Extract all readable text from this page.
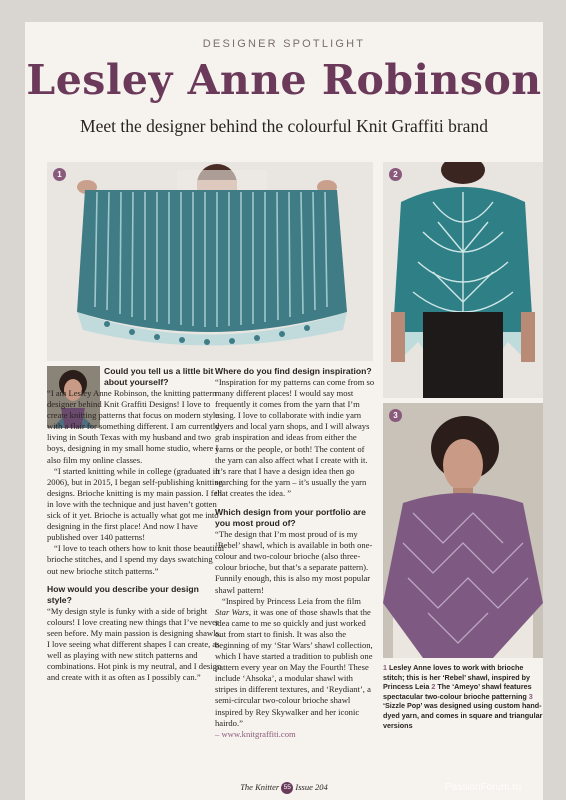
DESIGNER SPOTLIGHT
Lesley Anne Robinson
Meet the designer behind the colourful Knit Graffiti brand
1	2
3
Could you tell us a little bit about yourself?

“I am Lesley Anne Robinson, the knitting pattern designer behind Knit Graffiti Designs! I love to create knitting patterns that focus on modern style with a flair for something different. I am currently living in South Texas with my husband and two boys, designing in my small home studio, where I also film my online classes.

“I started knitting while in college (graduated in 2006), but in 2015, I began self-publishing knitting designs. Brioche knitting is my main passion. I fell in love with the technique and just haven’t gotten sick of it yet. Brioche is actually what got me into designing in the first place! And now I have published over 140 patterns!

“I love to teach others how to knit those beautiful brioche stitches, and I spend my days swatching out new brioche stitch patterns.”

How would you describe your design style?

“My design style is funky with a side of bright colours! I love creating new things that I’ve never seen before. My main passion is designing shawls, I love seeing what different shapes I can create, as well as playing with new stitch patterns and combinations. Hot pink is my neutral, and I design and create with it as often as I possibly can.”

Where do you find design inspiration?

“Inspiration for my patterns can come from so many different places! I would say most frequently it comes from the yarn that I’m using. I love to collaborate with indie yarn dyers and local yarn shops, and I will always grab inspiration and ideas from either the yarns or the people, or both! The content of the yarn can also affect what I create with it. It’s rare that I have a design idea then go searching for the yarn – it’s usually the yarn that creates the idea. ”

Which design from your portfolio are you most proud of?

“The design that I’m most proud of is my ‘Rebel’ shawl, which is available in both one-colour and two-colour brioche (also three-colour brioche, but that’s a separate pattern). Funnily enough, this is also my most popular shawl pattern!

“Inspired by Princess Leia from the film Star Wars, it was one of those shawls that the idea came to me so quickly and just worked out from start to finish. It was also the beginning of my ‘Star Wars’ shawl collection, which I have started a tradition to publish one pattern every year on May the Fourth! These include ‘Ahsoka’, a modular shawl with stripes in different textures, and ‘Reydiant’, a semi-circular two-colour brioche shawl inspired by Rey Skywalker and her iconic hairdo.”

– www.knitgraffiti.com

1 Lesley Anne loves to work with brioche stitch; this is her ‘Rebel’ shawl, inspired by Princess Leia 2 The ‘Ameyo’ shawl features spectacular two-colour brioche patterning 3 ‘Sizzle Pop’ was designed using custom hand-dyed yarn, and comes in square and triangular versions
The Knitter 55 Issue 204	PassionForum.ru
